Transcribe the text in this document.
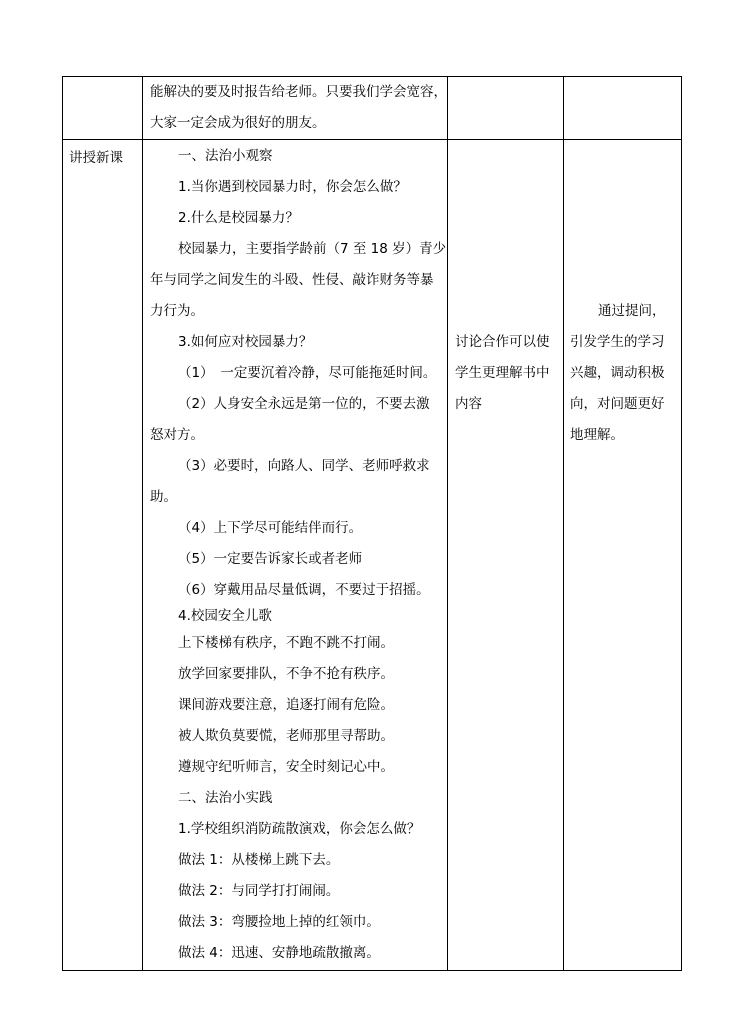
能解决的要及时报告给老师。只要我们学会宽容，
大家一定会成为很好的朋友。
讲授新课	一、法治小观察
1.当你遇到校园暴力时，你会怎么做？
2.什么是校园暴力？
校园暴力，主要指学龄前（7 至 18 岁）青少
年与同学之间发生的斗殴、性侵、敲诈财务等暴
力行为。
3.如何应对校园暴力？
（1）　一定要沉着冷静，尽可能拖延时间。
（2）人身安全永远是第一位的，不要去激
怒对方。
（3）必要时，向路人、同学、老师呼救求
助。
（4）上下学尽可能结伴而行。
（5）一定要告诉家长或者老师
（6）穿戴用品尽量低调，不要过于招摇。
4.校园安全儿歌
上下楼梯有秩序，不跑不跳不打闹。
放学回家要排队，不争不抢有秩序。
课间游戏要注意，追逐打闹有危险。
被人欺负莫要慌，老师那里寻帮助。
遵规守纪听师言，安全时刻记心中。
二、法治小实践
1.学校组织消防疏散演戏，你会怎么做？
做法 1：从楼梯上跳下去。
做法 2：与同学打打闹闹。
做法 3：弯腰捡地上掉的红领巾。
做法 4：迅速、安静地疏散撤离。
讨论合作可以使
学生更理解书中
内容
通过提问，
引发学生的学习
兴趣，调动积极
向，对问题更好
地理解。
